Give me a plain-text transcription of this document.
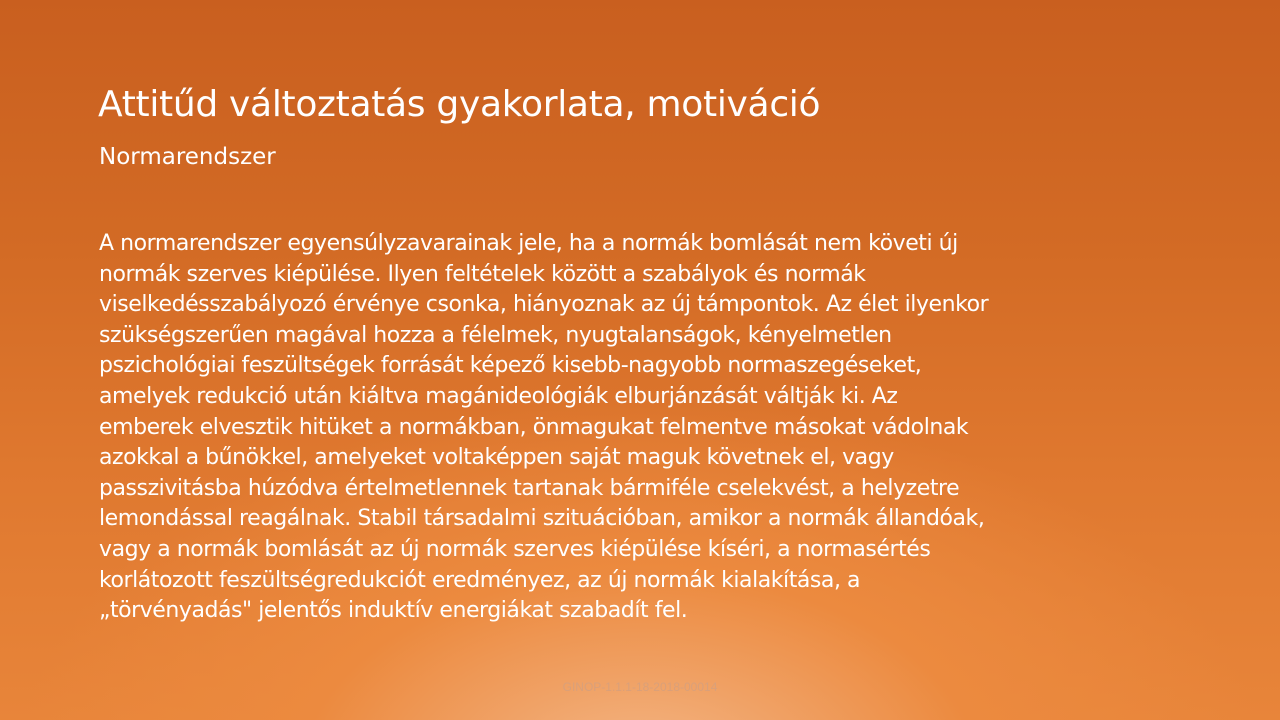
Attitűd változtatás gyakorlata, motiváció
Normarendszer
A normarendszer egyensúlyzavarainak jele, ha a normák bomlását nem követi új
normák szerves kiépülése. Ilyen feltételek között a szabályok és normák
viselkedésszabályozó érvénye csonka, hiányoznak az új támpontok. Az élet ilyenkor
szükségszerűen magával hozza a félelmek, nyugtalanságok, kényelmetlen
pszichológiai feszültségek forrását képező kisebb-nagyobb normaszegéseket,
amelyek redukció után kiáltva magánideológiák elburjánzását váltják ki. Az
emberek elvesztik hitüket a normákban, önmagukat felmentve másokat vádolnak
azokkal a bűnökkel, amelyeket voltaképpen saját maguk követnek el, vagy
passzivitásba húzódva értelmetlennek tartanak bármiféle cselekvést, a helyzetre
lemondással reagálnak. Stabil társadalmi szituációban, amikor a normák állandóak,
vagy a normák bomlását az új normák szerves kiépülése kíséri, a normasértés
korlátozott feszültségredukciót eredményez, az új normák kialakítása, a
„törvényadás" jelentős induktív energiákat szabadít fel.
GINOP-1.1.1-18-2018-00014
